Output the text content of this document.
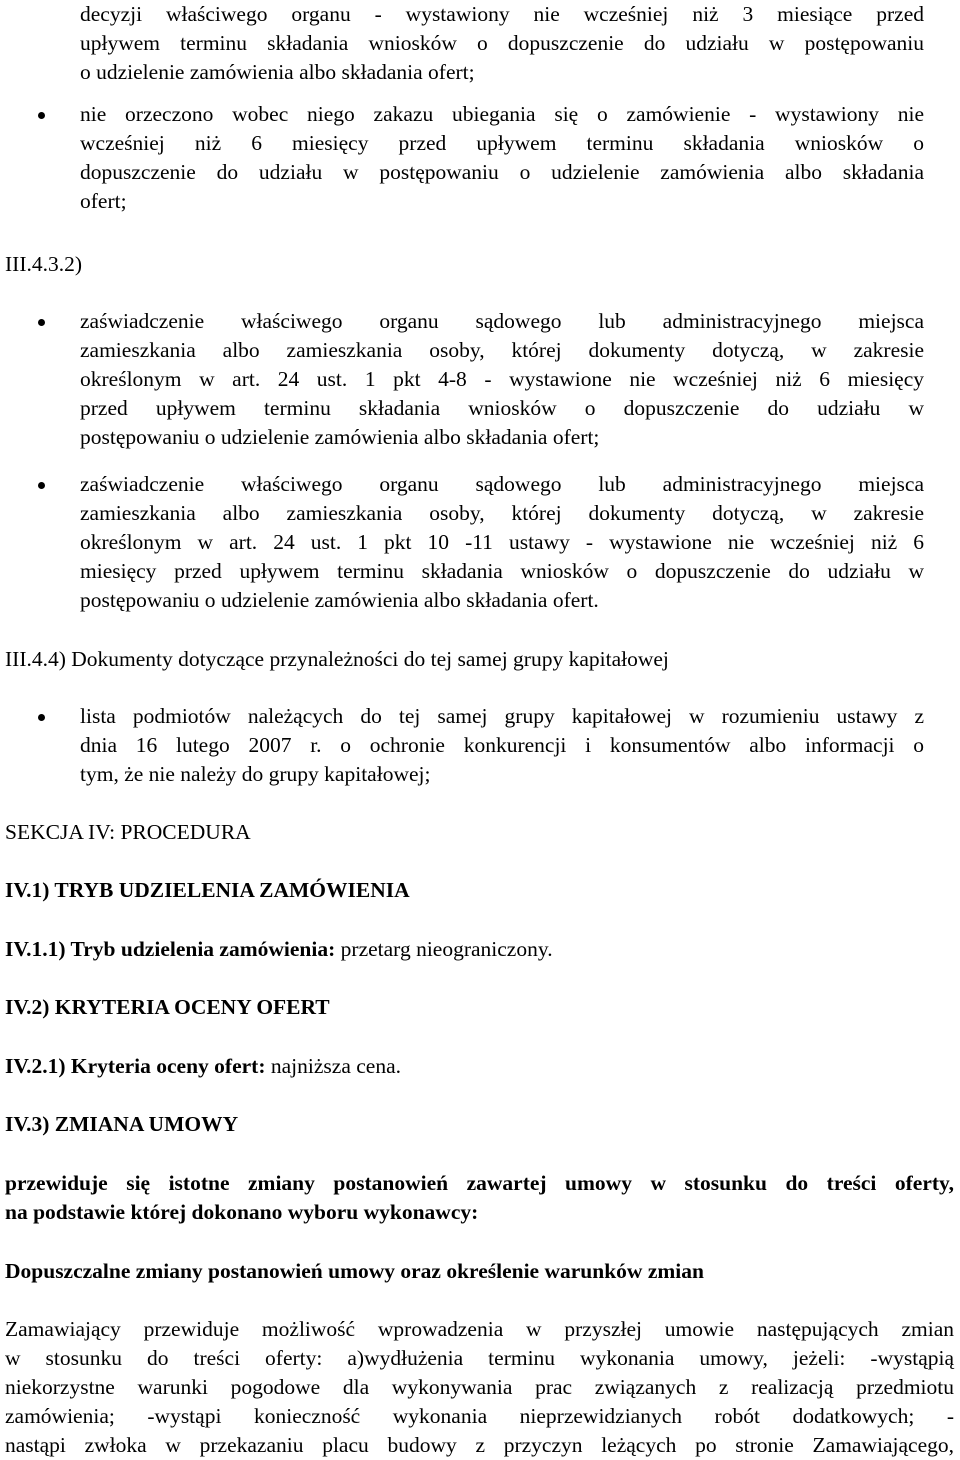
decyzji właściwego organu - wystawiony nie wcześniej niż 3 miesiące przed
upływem terminu składania wniosków o dopuszczenie do udziału w postępowaniu
o udzielenie zamówienia albo składania ofert;
nie orzeczono wobec niego zakazu ubiegania się o zamówienie - wystawiony nie
wcześniej niż 6 miesięcy przed upływem terminu składania wniosków o
dopuszczenie do udziału w postępowaniu o udzielenie zamówienia albo składania
ofert;
III.4.3.2)
zaświadczenie właściwego organu sądowego lub administracyjnego miejsca
zamieszkania albo zamieszkania osoby, której dokumenty dotyczą, w zakresie
określonym w art. 24 ust. 1 pkt 4-8 - wystawione nie wcześniej niż 6 miesięcy
przed upływem terminu składania wniosków o dopuszczenie do udziału w
postępowaniu o udzielenie zamówienia albo składania ofert;
zaświadczenie właściwego organu sądowego lub administracyjnego miejsca
zamieszkania albo zamieszkania osoby, której dokumenty dotyczą, w zakresie
określonym w art. 24 ust. 1 pkt 10 -11 ustawy - wystawione nie wcześniej niż 6
miesięcy przed upływem terminu składania wniosków o dopuszczenie do udziału w
postępowaniu o udzielenie zamówienia albo składania ofert.
III.4.4) Dokumenty dotyczące przynależności do tej samej grupy kapitałowej
lista podmiotów należących do tej samej grupy kapitałowej w rozumieniu ustawy z
dnia 16 lutego 2007 r. o ochronie konkurencji i konsumentów albo informacji o
tym, że nie należy do grupy kapitałowej;
SEKCJA IV: PROCEDURA
IV.1) TRYB UDZIELENIA ZAMÓWIENIA
IV.1.1) Tryb udzielenia zamówienia: przetarg nieograniczony.
IV.2) KRYTERIA OCENY OFERT
IV.2.1) Kryteria oceny ofert: najniższa cena.
IV.3) ZMIANA UMOWY
przewiduje się istotne zmiany postanowień zawartej umowy w stosunku do treści oferty,
na podstawie której dokonano wyboru wykonawcy:
Dopuszczalne zmiany postanowień umowy oraz określenie warunków zmian
Zamawiający przewiduje możliwość wprowadzenia w przyszłej umowie następujących zmian
w stosunku do treści oferty: a)wydłużenia terminu wykonania umowy, jeżeli: -wystąpią
niekorzystne warunki pogodowe dla wykonywania prac związanych z realizacją przedmiotu
zamówienia; -wystąpi konieczność wykonania nieprzewidzianych robót dodatkowych; -
nastąpi zwłoka w przekazaniu placu budowy z przyczyn leżących po stronie Zamawiającego,
